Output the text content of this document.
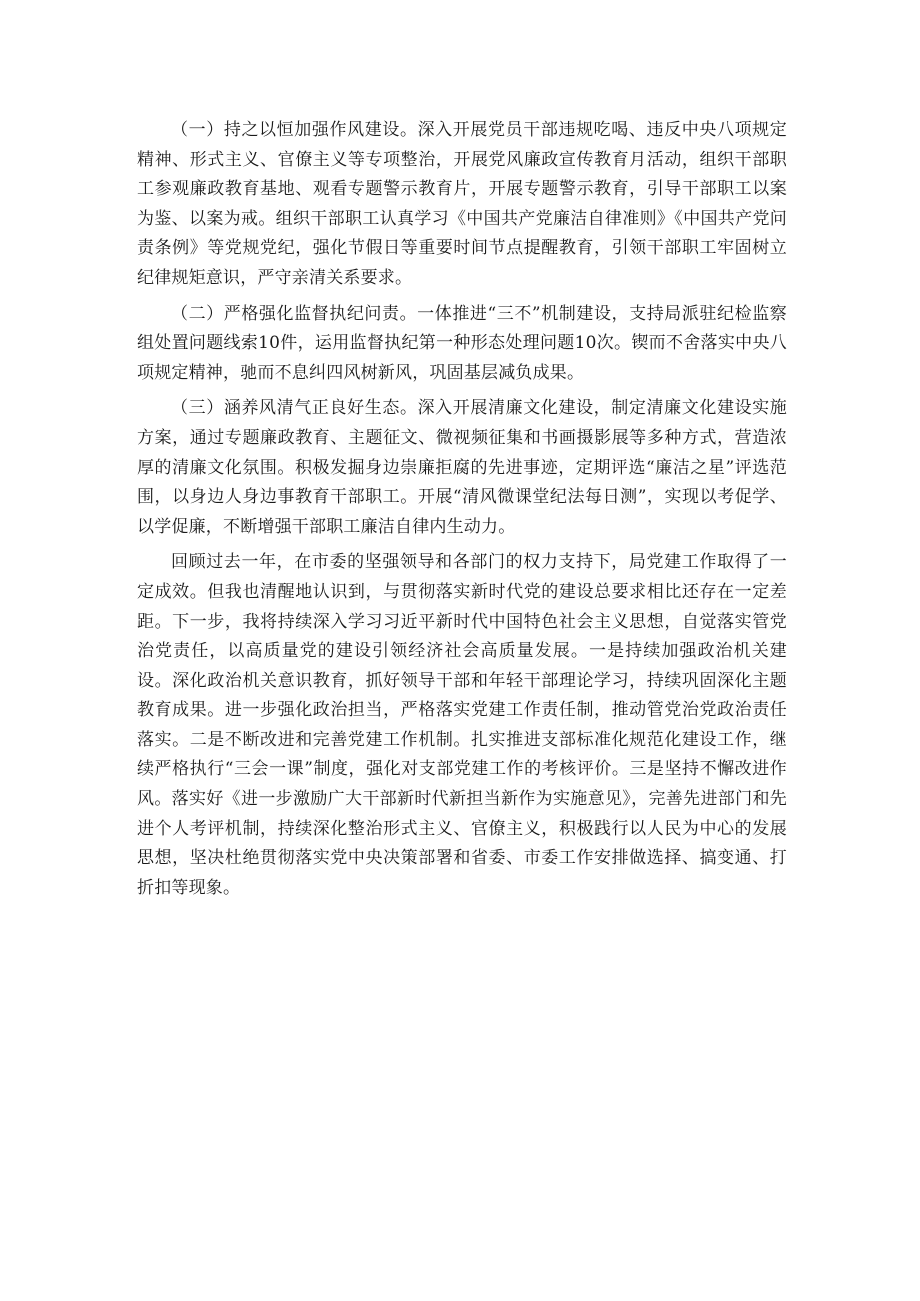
（一）持之以恒加强作风建设。深入开展党员干部违规吃喝、违反中央八项规定精神、形式主义、官僚主义等专项整治，开展党风廉政宣传教育月活动，组织干部职工参观廉政教育基地、观看专题警示教育片，开展专题警示教育，引导干部职工以案为鉴、以案为戒。组织干部职工认真学习《中国共产党廉洁自律准则》《中国共产党问责条例》等党规党纪，强化节假日等重要时间节点提醒教育，引领干部职工牢固树立纪律规矩意识，严守亲清关系要求。

（二）严格强化监督执纪问责。一体推进“三不”机制建设，支持局派驻纪检监察组处置问题线索10件，运用监督执纪第一种形态处理问题10次。锲而不舍落实中央八项规定精神，驰而不息纠四风树新风，巩固基层减负成果。

（三）涵养风清气正良好生态。深入开展清廉文化建设，制定清廉文化建设实施方案，通过专题廉政教育、主题征文、微视频征集和书画摄影展等多种方式，营造浓厚的清廉文化氛围。积极发掘身边崇廉拒腐的先进事迹，定期评选“廉洁之星”评选范围，以身边人身边事教育干部职工。开展“清风微课堂纪法每日测”，实现以考促学、以学促廉，不断增强干部职工廉洁自律内生动力。

回顾过去一年，在市委的坚强领导和各部门的权力支持下，局党建工作取得了一定成效。但我也清醒地认识到，与贯彻落实新时代党的建设总要求相比还存在一定差距。下一步，我将持续深入学习习近平新时代中国特色社会主义思想，自觉落实管党治党责任，以高质量党的建设引领经济社会高质量发展。一是持续加强政治机关建设。深化政治机关意识教育，抓好领导干部和年轻干部理论学习，持续巩固深化主题教育成果。进一步强化政治担当，严格落实党建工作责任制，推动管党治党政治责任落实。二是不断改进和完善党建工作机制。扎实推进支部标准化规范化建设工作，继续严格执行“三会一课”制度，强化对支部党建工作的考核评价。三是坚持不懈改进作风。落实好《进一步激励广大干部新时代新担当新作为实施意见》，完善先进部门和先进个人考评机制，持续深化整治形式主义、官僚主义，积极践行以人民为中心的发展思想，坚决杜绝贯彻落实党中央决策部署和省委、市委工作安排做选择、搞变通、打折扣等现象。
